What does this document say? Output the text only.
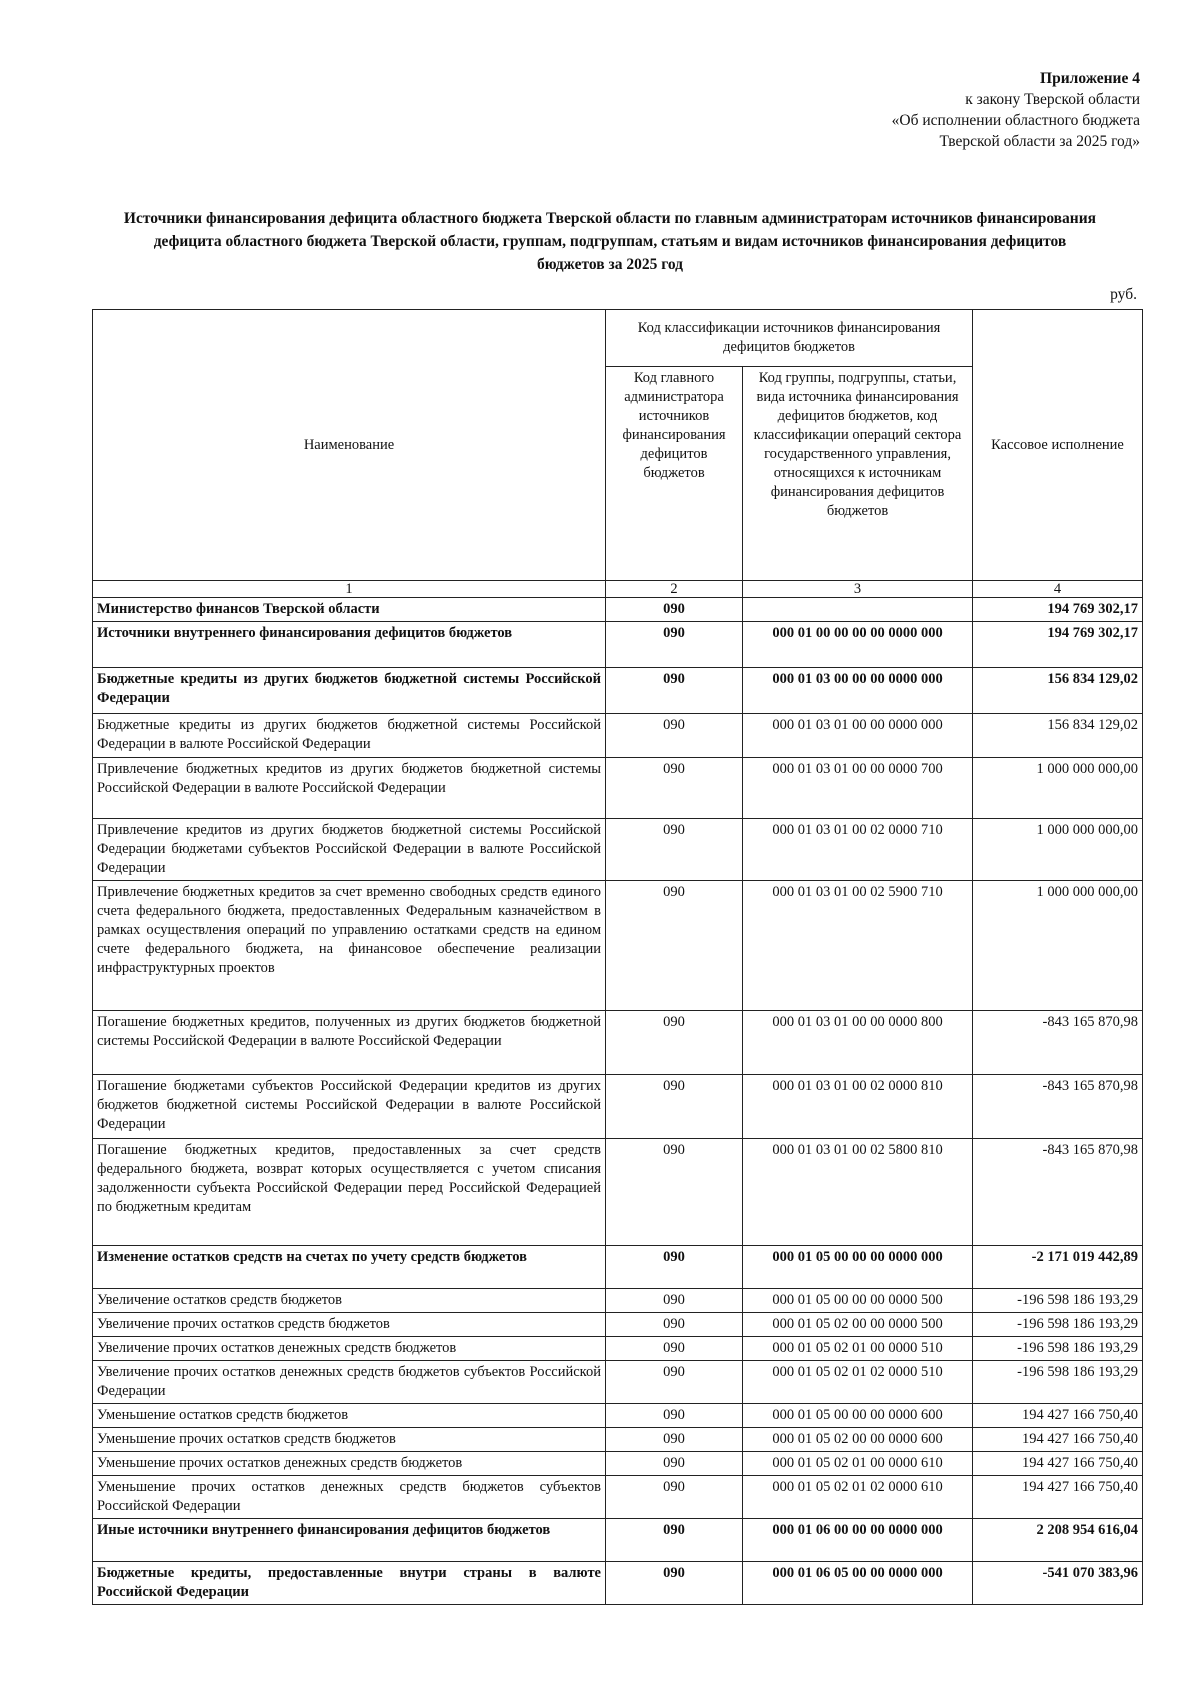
Приложение 4
к закону Тверской области
«Об исполнении областного бюджета
Тверской области за 2025 год»
Источники финансирования дефицита областного бюджета Тверской области по главным администраторам источников финансирования дефицита областного бюджета Тверской области, группам, подгруппам, статьям и видам источников финансирования дефицитов бюджетов за 2025 год
руб.
Наименование	Код классификации источников финансирования дефицитов бюджетов		Кассовое исполнение
	Код главного администратора источников финансирования дефицитов бюджетов	Код группы, подгруппы, статьи, вида источника финансирования дефицитов бюджетов, код классификации операций сектора государственного управления, относящихся к источникам финансирования дефицитов бюджетов	
1	2	3	4
Министерство финансов Тверской области	090		194 769 302,17
Источники внутреннего финансирования дефицитов бюджетов	090	000 01 00 00 00 00 0000 000	194 769 302,17
Бюджетные кредиты из других бюджетов бюджетной системы Российской Федерации	090	000 01 03 00 00 00 0000 000	156 834 129,02
Бюджетные кредиты из других бюджетов бюджетной системы Российской Федерации в валюте Российской Федерации	090	000 01 03 01 00 00 0000 000	156 834 129,02
Привлечение бюджетных кредитов из других бюджетов бюджетной системы Российской Федерации в валюте Российской Федерации	090	000 01 03 01 00 00 0000 700	1 000 000 000,00
Привлечение кредитов из других бюджетов бюджетной системы Российской Федерации бюджетами субъектов Российской Федерации в валюте Российской Федерации	090	000 01 03 01 00 02 0000 710	1 000 000 000,00
Привлечение бюджетных кредитов за счет временно свободных средств единого счета федерального бюджета, предоставленных Федеральным казначейством в рамках осуществления операций по управлению остатками средств на едином счете федерального бюджета, на финансовое обеспечение реализации инфраструктурных проектов	090	000 01 03 01 00 02 5900 710	1 000 000 000,00
Погашение бюджетных кредитов, полученных из других бюджетов бюджетной системы Российской Федерации в валюте Российской Федерации	090	000 01 03 01 00 00 0000 800	-843 165 870,98
Погашение бюджетами субъектов Российской Федерации кредитов из других бюджетов бюджетной системы Российской Федерации в валюте Российской Федерации	090	000 01 03 01 00 02 0000 810	-843 165 870,98
Погашение бюджетных кредитов, предоставленных за счет средств федерального бюджета, возврат которых осуществляется с учетом списания задолженности субъекта Российской Федерации перед Российской Федерацией по бюджетным кредитам	090	000 01 03 01 00 02 5800 810	-843 165 870,98
Изменение остатков средств на счетах по учету средств бюджетов	090	000 01 05 00 00 00 0000 000	-2 171 019 442,89
Увеличение остатков средств бюджетов	090	000 01 05 00 00 00 0000 500	-196 598 186 193,29
Увеличение прочих остатков средств бюджетов	090	000 01 05 02 00 00 0000 500	-196 598 186 193,29
Увеличение прочих остатков денежных средств бюджетов	090	000 01 05 02 01 00 0000 510	-196 598 186 193,29
Увеличение прочих остатков денежных средств бюджетов субъектов Российской Федерации	090	000 01 05 02 01 02 0000 510	-196 598 186 193,29
Уменьшение остатков средств бюджетов	090	000 01 05 00 00 00 0000 600	194 427 166 750,40
Уменьшение прочих остатков средств бюджетов	090	000 01 05 02 00 00 0000 600	194 427 166 750,40
Уменьшение прочих остатков денежных средств бюджетов	090	000 01 05 02 01 00 0000 610	194 427 166 750,40
Уменьшение прочих остатков денежных средств бюджетов субъектов Российской Федерации	090	000 01 05 02 01 02 0000 610	194 427 166 750,40
Иные источники внутреннего финансирования дефицитов бюджетов	090	000 01 06 00 00 00 0000 000	2 208 954 616,04
Бюджетные кредиты, предоставленные внутри страны в валюте Российской Федерации	090	000 01 06 05 00 00 0000 000	-541 070 383,96
